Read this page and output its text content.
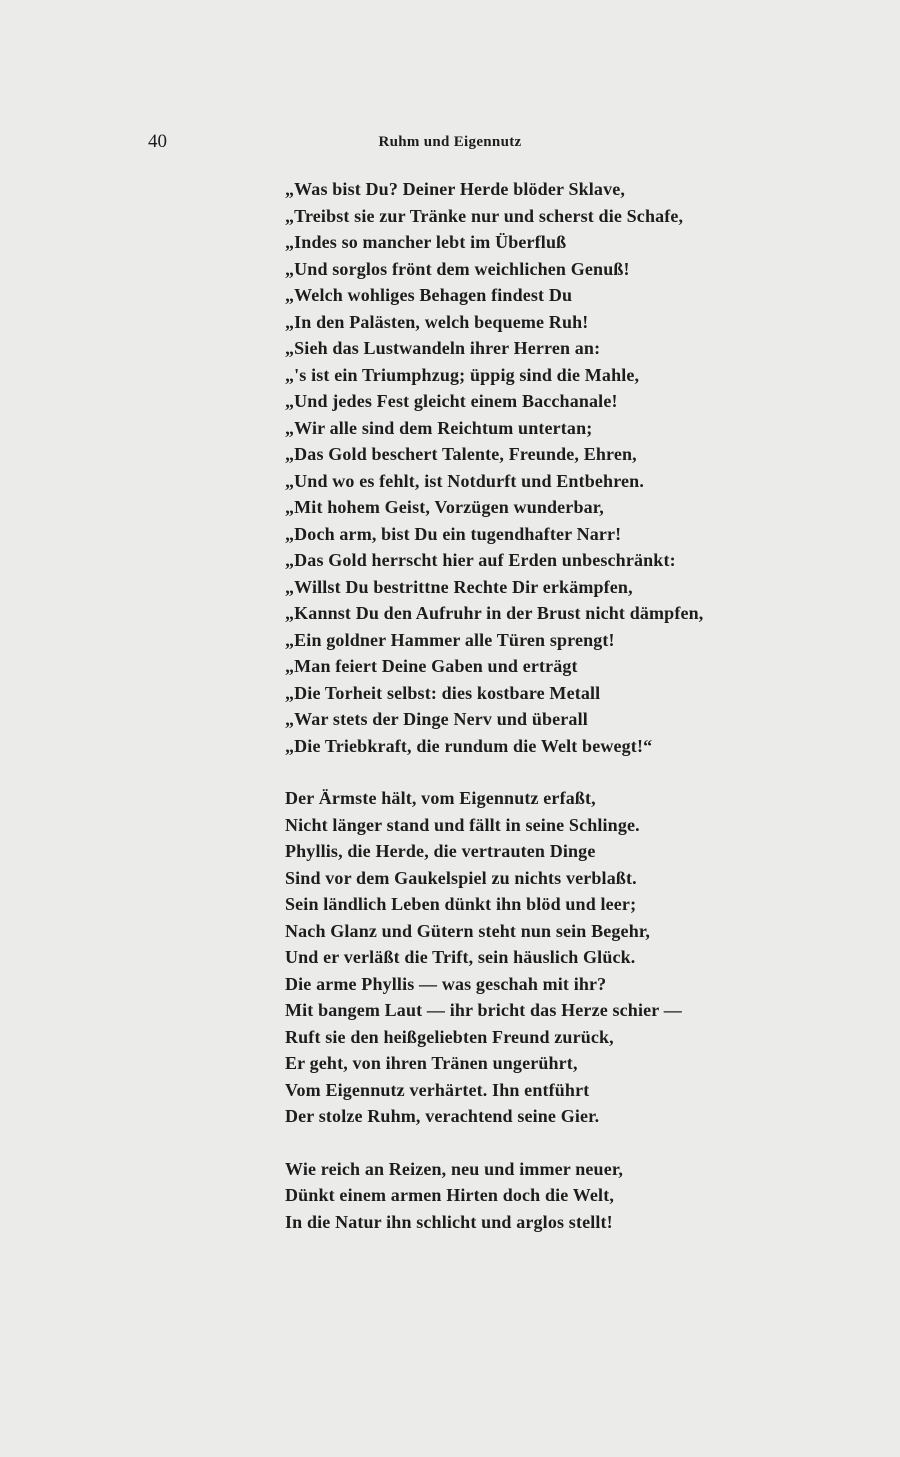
40	Ruhm und Eigennutz
„Was bist Du? Deiner Herde blöder Sklave,
„Treibst sie zur Tränke nur und scherst die Schafe,
„Indes so mancher lebt im Überfluß
„Und sorglos frönt dem weichlichen Genuß!
„Welch wohliges Behagen findest Du
„In den Palästen, welch bequeme Ruh!
„Sieh das Lustwandeln ihrer Herren an:
„'s ist ein Triumphzug; üppig sind die Mahle,
„Und jedes Fest gleicht einem Bacchanale!
„Wir alle sind dem Reichtum untertan;
„Das Gold beschert Talente, Freunde, Ehren,
„Und wo es fehlt, ist Notdurft und Entbehren.
„Mit hohem Geist, Vorzügen wunderbar,
„Doch arm, bist Du ein tugendhafter Narr!
„Das Gold herrscht hier auf Erden unbeschränkt:
„Willst Du bestrittne Rechte Dir erkämpfen,
„Kannst Du den Aufruhr in der Brust nicht dämpfen,
„Ein goldner Hammer alle Türen sprengt!
„Man feiert Deine Gaben und erträgt
„Die Torheit selbst: dies kostbare Metall
„War stets der Dinge Nerv und überall
„Die Triebkraft, die rundum die Welt bewegt!“
Der Ärmste hält, vom Eigennutz erfaßt,
Nicht länger stand und fällt in seine Schlinge.
Phyllis, die Herde, die vertrauten Dinge
Sind vor dem Gaukelspiel zu nichts verblaßt.
Sein ländlich Leben dünkt ihn blöd und leer;
Nach Glanz und Gütern steht nun sein Begehr,
Und er verläßt die Trift, sein häuslich Glück.
Die arme Phyllis — was geschah mit ihr?
Mit bangem Laut — ihr bricht das Herze schier —
Ruft sie den heißgeliebten Freund zurück,
Er geht, von ihren Tränen ungerührt,
Vom Eigennutz verhärtet. Ihn entführt
Der stolze Ruhm, verachtend seine Gier.
Wie reich an Reizen, neu und immer neuer,
Dünkt einem armen Hirten doch die Welt,
In die Natur ihn schlicht und arglos stellt!
